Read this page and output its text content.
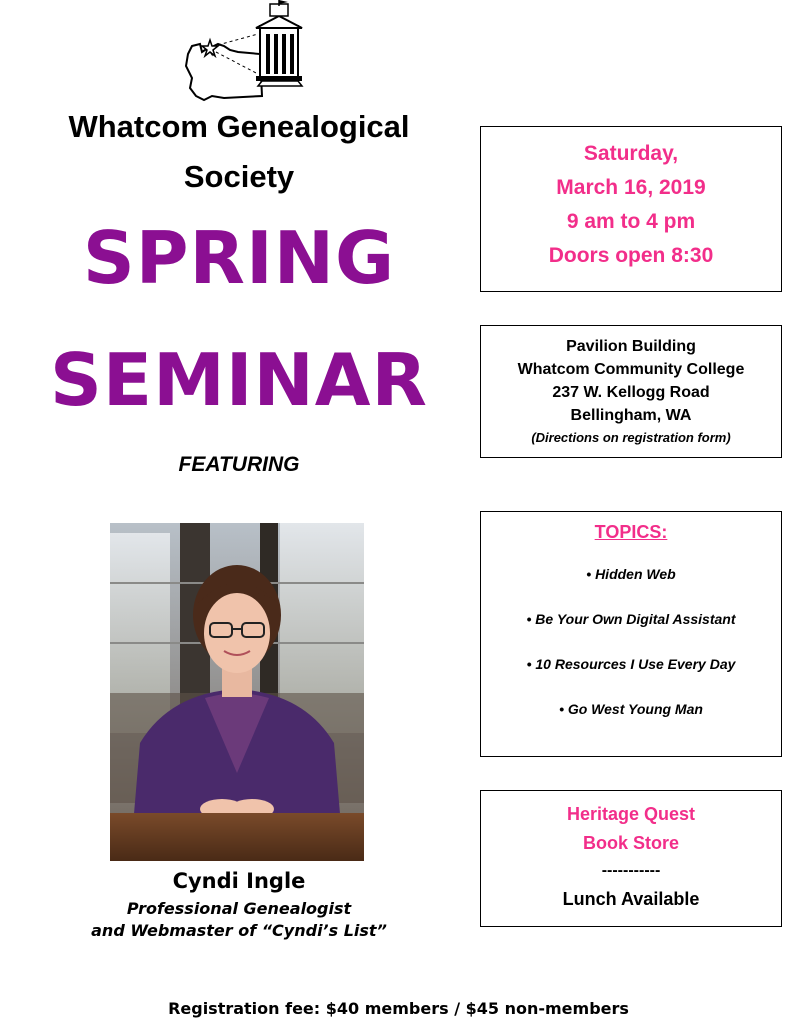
Whatcom Genealogical
Society
SPRING
SEMINAR
FEATURING
Cyndi Ingle
Professional Genealogist
and Webmaster of “Cyndi’s List”
Saturday,
March 16, 2019
9 am to 4 pm
Doors open 8:30
Pavilion Building
Whatcom Community College
237 W. Kellogg Road
Bellingham, WA
(Directions on registration form)
TOPICS:
• Hidden Web
• Be Your Own Digital Assistant
• 10 Resources I Use Every Day
• Go West Young Man
Heritage Quest
Book Store
-----------
Lunch Available
Registration fee: $40 members / $45 non-members
